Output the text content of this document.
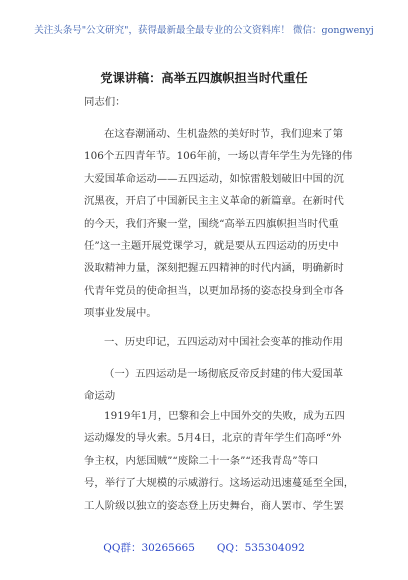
关注头条号"公文研究"，获得最新最全最专业的公文资料库！ 微信：gongwenyj
党课讲稿：高举五四旗帜担当时代重任
同志们：
在这春潮涌动、生机盎然的美好时节，我们迎来了第
106个五四青年节。106年前，一场以青年学生为先锋的伟
大爱国革命运动——五四运动，如惊雷般划破旧中国的沉
沉黑夜，开启了中国新民主主义革命的新篇章。在新时代
的今天，我们齐聚一堂，围绕“高举五四旗帜担当时代重
任”这一主题开展党课学习，就是要从五四运动的历史中
汲取精神力量，深刻把握五四精神的时代内涵，明确新时
代青年党员的使命担当，以更加昂扬的姿态投身到全市各
项事业发展中。
一、历史印记，五四运动对中国社会变革的推动作用
（一）五四运动是一场彻底反帝反封建的伟大爱国革
命运动
1919年1月，巴黎和会上中国外交的失败，成为五四
运动爆发的导火索。5月4日，北京的青年学生们高呼“外
争主权，内惩国贼”“废除二十一条”“还我青岛”等口
号，举行了大规模的示威游行。这场运动迅速蔓延至全国，
工人阶级以独立的姿态登上历史舞台，商人罢市、学生罢
QQ群：30265665 QQ：535304092
